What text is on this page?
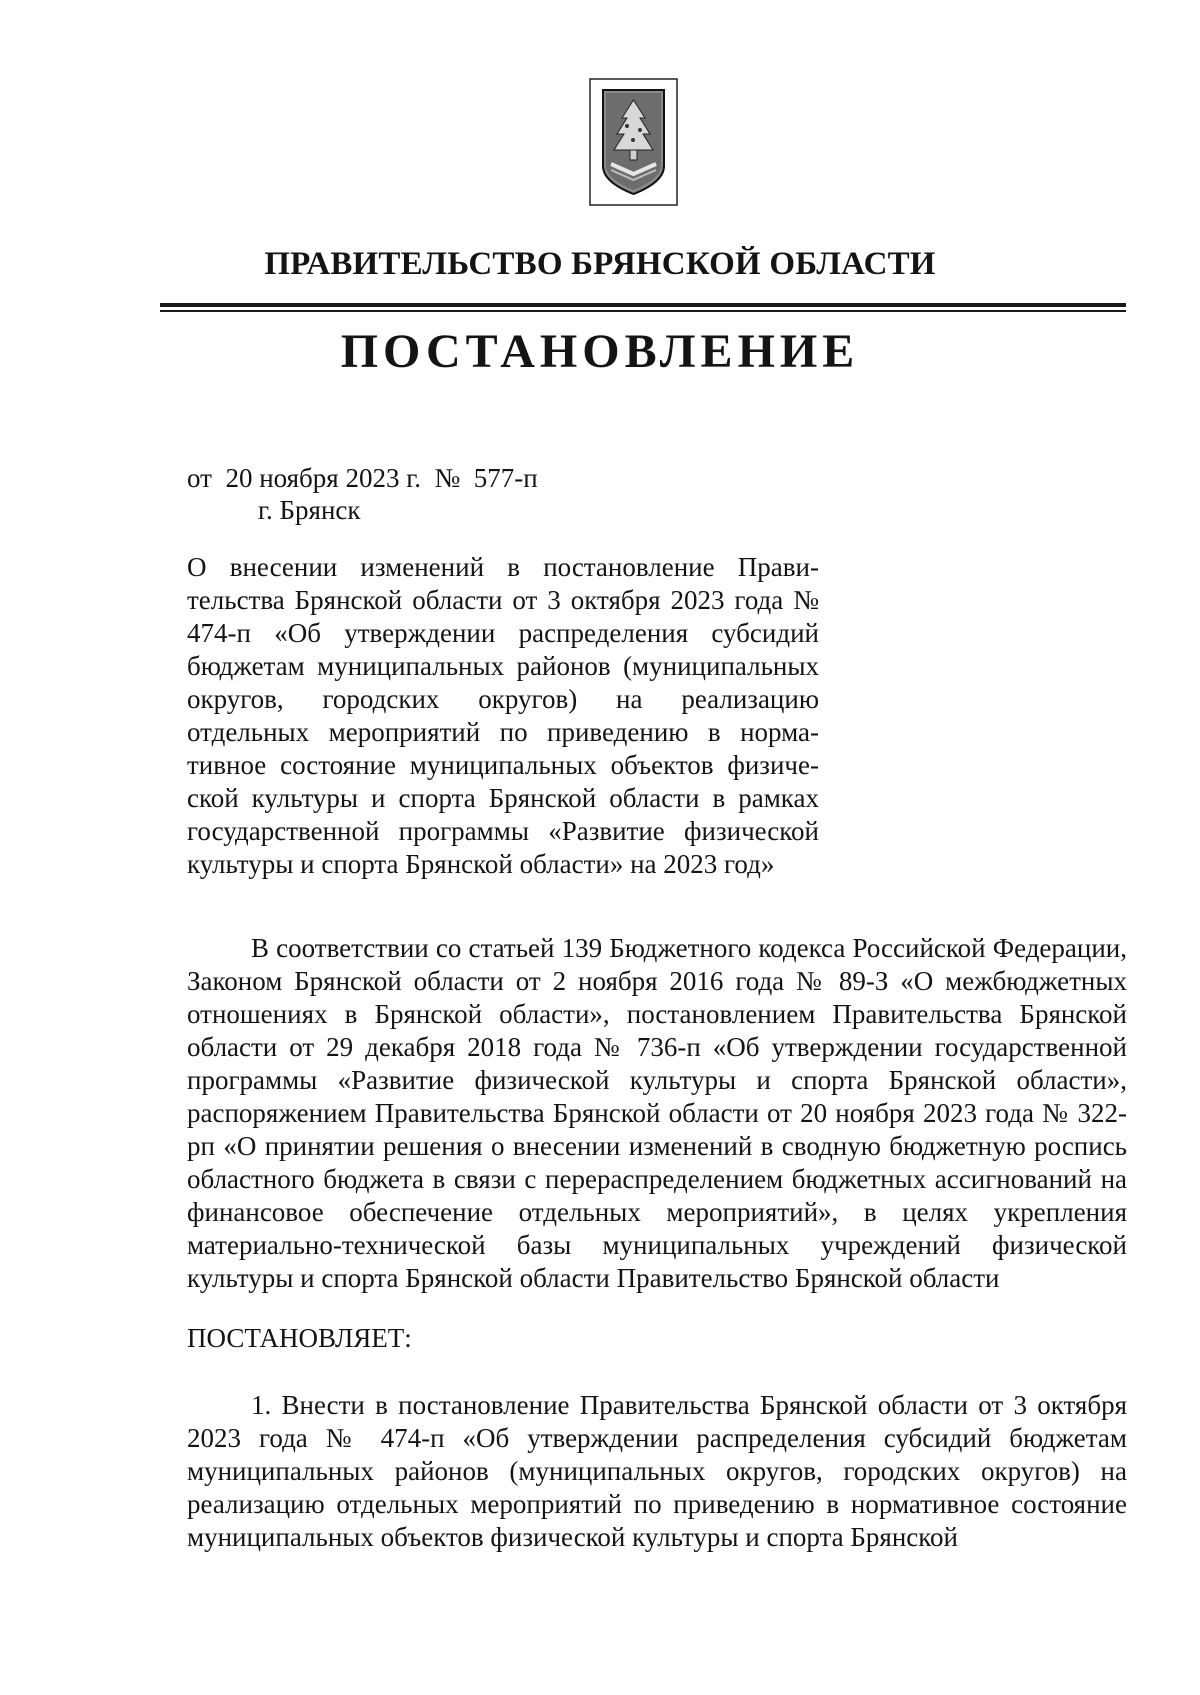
ПРАВИТЕЛЬСТВО БРЯНСКОЙ ОБЛАСТИ
ПОСТАНОВЛЕНИЕ
от  20 ноября 2023 г.  №  577-п
г. Брянск
О внесении изменений в постановление Правительства Брянской области от 3 октября 2023 года № 474-п «Об утверждении распределения субсидий бюджетам муниципальных районов (муниципальных округов, городских округов) на реализацию отдельных мероприятий по приведению в нормативное состояние муниципальных объектов физической культуры и спорта Брянской области в рамках государственной программы «Развитие физической культуры и спорта Брянской области» на 2023 год»
В соответствии со статьей 139 Бюджетного кодекса Российской Федерации, Законом Брянской области от 2 ноября 2016 года № 89-З «О межбюджетных отношениях в Брянской области», постановлением Правительства Брянской области от 29 декабря 2018 года № 736-п «Об утверждении государственной программы «Развитие физической культуры и спорта Брянской области», распоряжением Правительства Брянской области от 20 ноября 2023 года № 322-рп «О принятии решения о внесении изменений в сводную бюджетную роспись областного бюджета в связи с перераспределением бюджетных ассигнований на финансовое обеспечение отдельных мероприятий», в целях укрепления материально-технической базы муниципальных учреждений физической культуры и спорта Брянской области Правительство Брянской области
ПОСТАНОВЛЯЕТ:
1. Внести в постановление Правительства Брянской области от 3 октября 2023 года № 474-п «Об утверждении распределения субсидий бюджетам муниципальных районов (муниципальных округов, городских округов) на реализацию отдельных мероприятий по приведению в нормативное состояние муниципальных объектов физической культуры и спорта Брянской
